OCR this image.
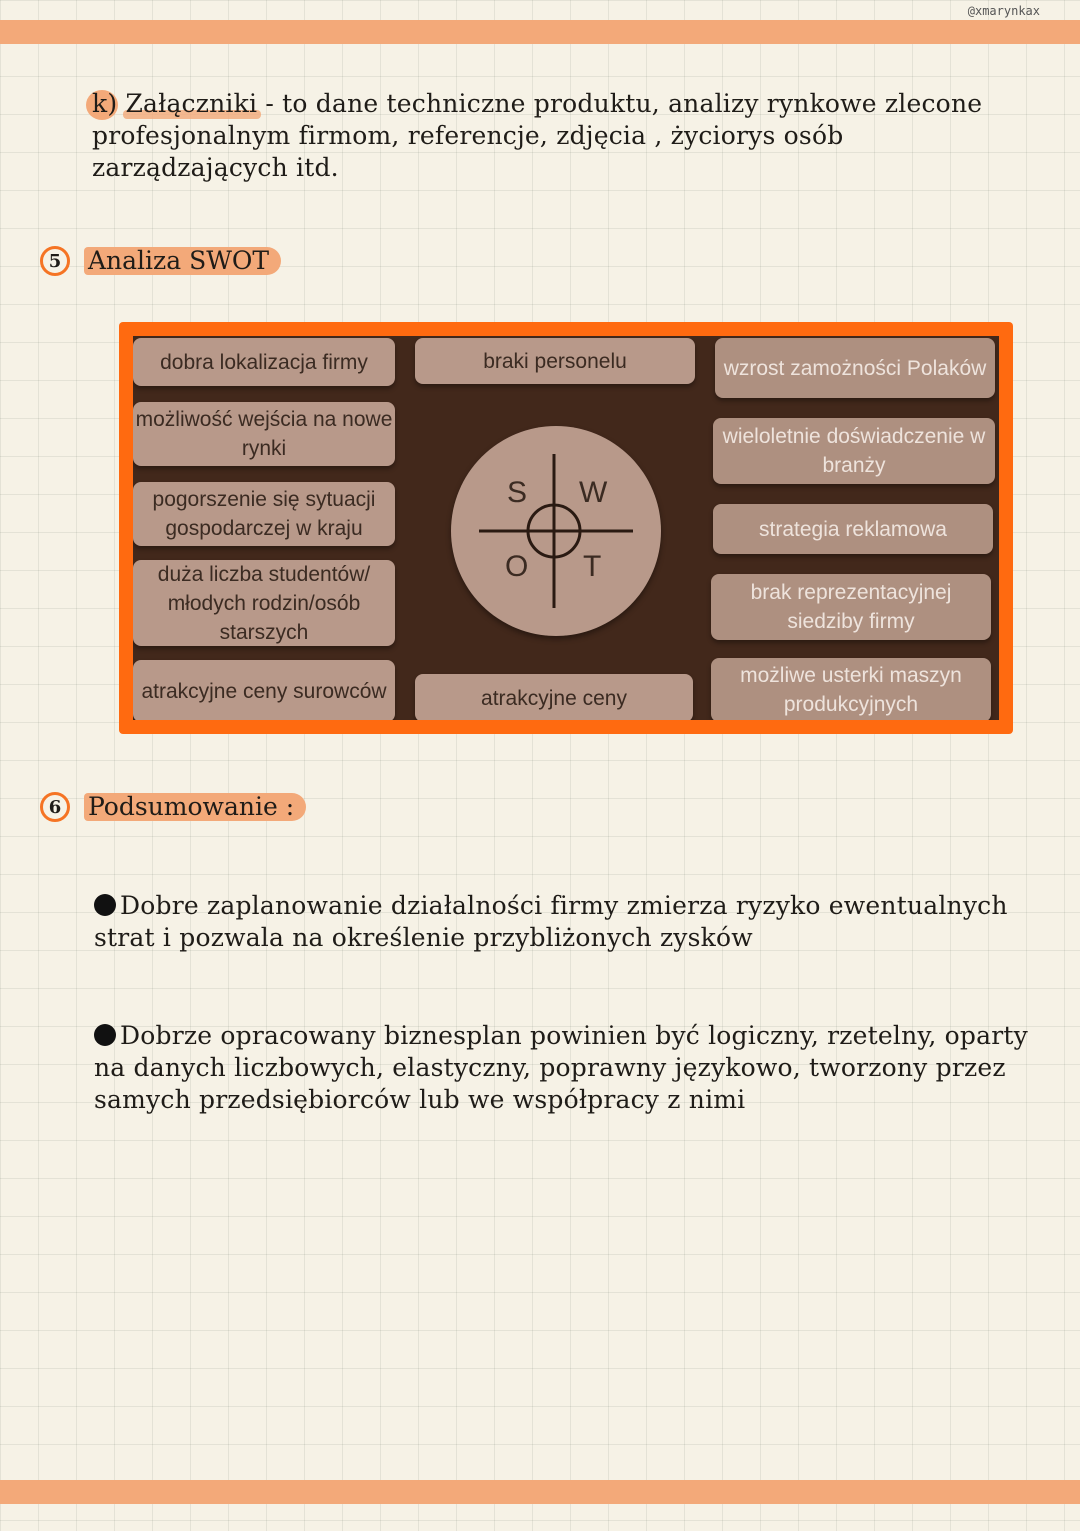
@xmarynkax
k) Załączniki - to dane techniczne produktu, analizy rynkowe zlecone profesjonalnym firmom, referencje, zdjęcia , życiorys osób zarządzających itd.
5	Analiza SWOT
dobra lokalizacja firmy
możliwość wejścia na nowe rynki
pogorszenie się sytuacji gospodarczej w kraju
duża liczba studentów/ młodych rodzin/osób starszych
atrakcyjne ceny surowców
braki personelu
atrakcyjne ceny
S W
O T
wzrost zamożności Polaków
wieloletnie doświadczenie w branży
strategia reklamowa
brak reprezentacyjnej siedziby firmy
możliwe usterki maszyn produkcyjnych
6	Podsumowanie :
Dobre zaplanowanie działalności firmy zmierza ryzyko ewentualnych strat i pozwala na określenie przybliżonych zysków
Dobrze opracowany biznesplan powinien być logiczny, rzetelny, oparty na danych liczbowych, elastyczny, poprawny językowo, tworzony przez samych przedsiębiorców lub we współpracy z nimi
